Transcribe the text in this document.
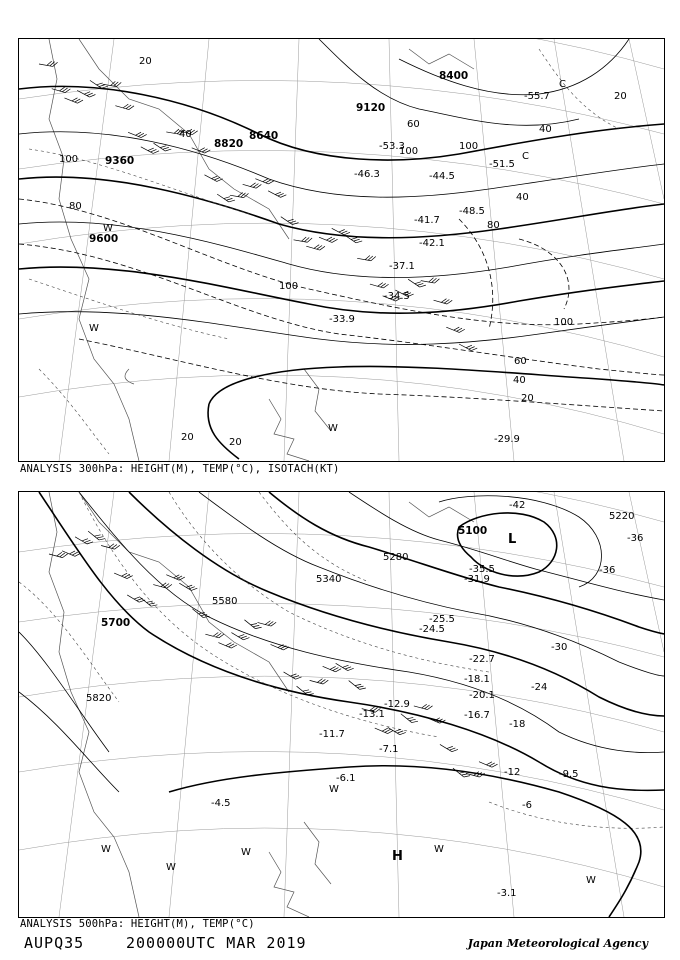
8400
8640
8820
9120
9360
9600
20	20
20
20
20
40
40	40
40
60
60
80
80
100
100
100
100	100
-29.9
-33.9
-34.5
-37.1
-41.7
-42.1
-44.5
-46.3
-48.5
-51.5
-53.3
-55.7
W
W
W
C
C
ANALYSIS 300hPa: HEIGHT(M), TEMP(°C), ISOTACH(KT)
5100
5220
5280
5340
5580
5700
5820
-42
-36
-36
-30
-24
-18
-12
-6
-3.1
-4.5
-6.1
-7.1
-9.5
-11.7
-12.9
-13.1	-16.7
-18.1
-20.1
-22.7
-24.5
-25.5
-31.9
-35.5
L
H
W
W
W	W
W
W
ANALYSIS 500hPa: HEIGHT(M), TEMP(°C)
AUPQ35	200000UTC MAR 2019	Japan Meteorological Agency
